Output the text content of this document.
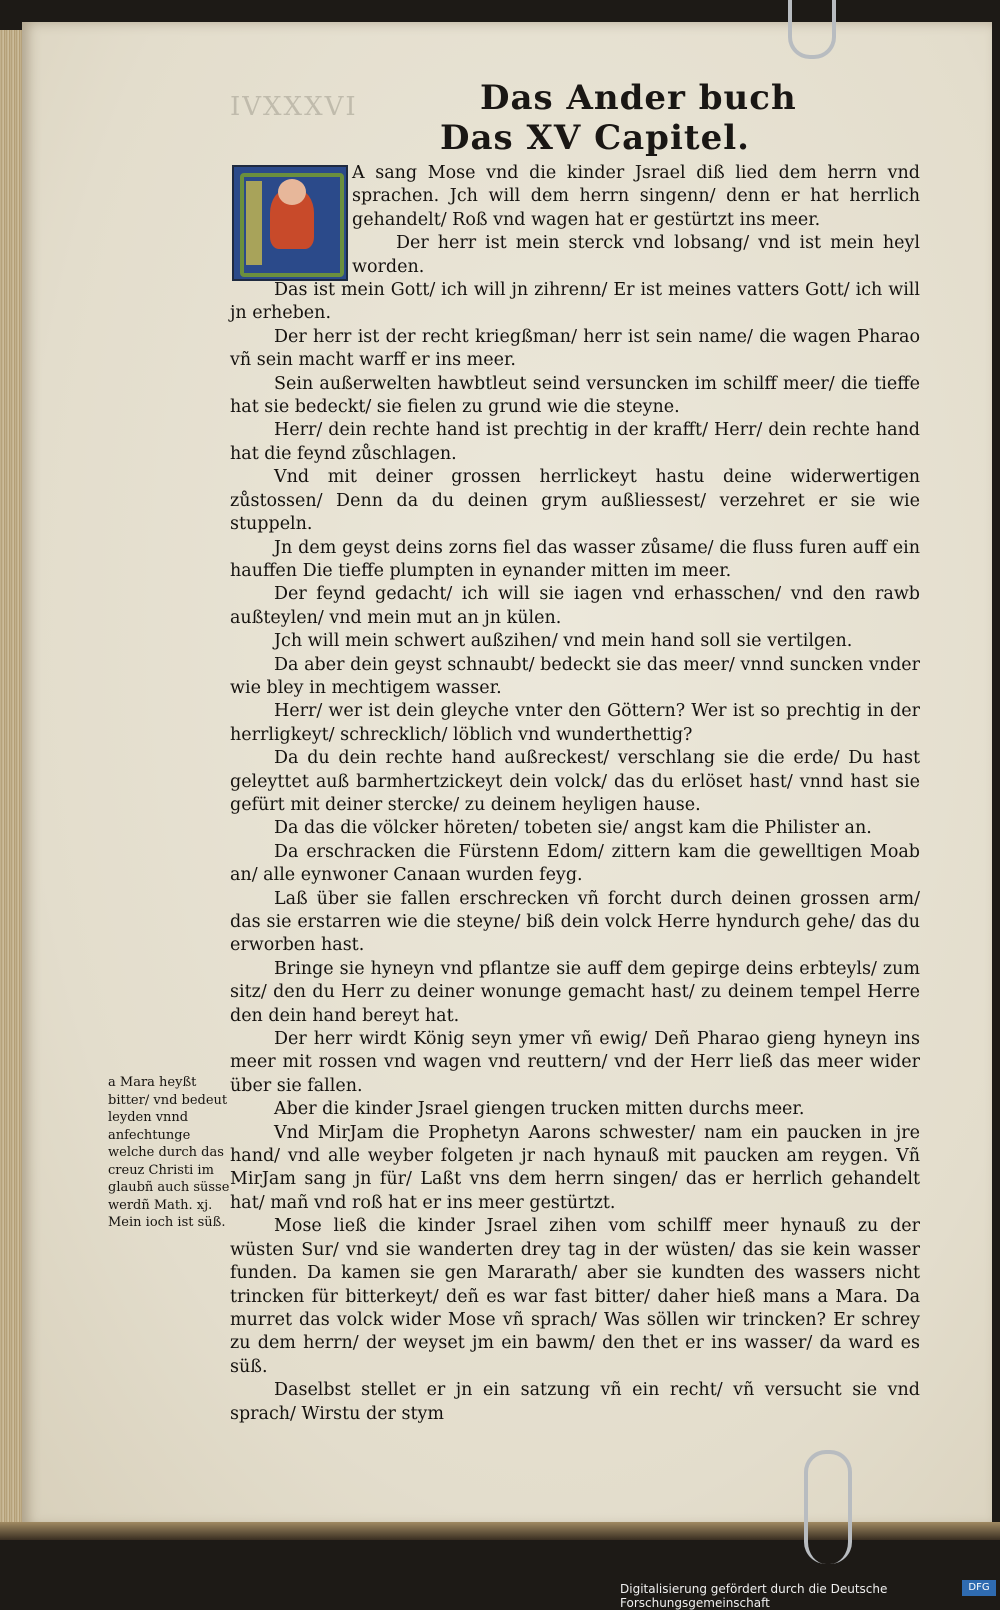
IVXXXVI	Das Ander buch
Das XV Capitel.

A sang Mose vnd die kinder Jsrael diß lied dem herrn vnd sprachen. Jch will dem herrn singenn/ denn er hat herrlich gehandelt/ Roß vnd wagen hat er gestürtzt ins meer.

Der herr ist mein sterck vnd lobsang/ vnd ist mein heyl worden.

Das ist mein Gott/ ich will jn zihrenn/ Er ist meines vatters Gott/ ich will jn erheben.

Der herr ist der recht kriegßman/ herr ist sein name/ die wagen Pharao vñ sein macht warff er ins meer.

Sein außerwelten hawbtleut seind versuncken im schilff meer/ die tieffe hat sie bedeckt/ sie fielen zu grund wie die steyne.

Herr/ dein rechte hand ist prechtig in der krafft/ Herr/ dein rechte hand hat die feynd zůschlagen.

Vnd mit deiner grossen herrlickeyt hastu deine widerwertigen zůstossen/ Denn da du deinen grym außliessest/ verzehret er sie wie stuppeln.

Jn dem geyst deins zorns fiel das wasser zůsame/ die fluss furen auff ein hauffen Die tieffe plumpten in eynander mitten im meer.

Der feynd gedacht/ ich will sie iagen vnd erhasschen/ vnd den rawb außteylen/ vnd mein mut an jn külen.

Jch will mein schwert außzihen/ vnd mein hand soll sie vertilgen.

Da aber dein geyst schnaubt/ bedeckt sie das meer/ vnnd suncken vnder wie bley in mechtigem wasser.

Herr/ wer ist dein gleyche vnter den Göttern? Wer ist so prechtig in der herrligkeyt/ schrecklich/ löblich vnd wunderthettig?

Da du dein rechte hand außreckest/ verschlang sie die erde/ Du hast geleyttet auß barmhertzickeyt dein volck/ das du erlöset hast/ vnnd hast sie gefürt mit deiner stercke/ zu deinem heyligen hause.

Da das die völcker höreten/ tobeten sie/ angst kam die Philister an.

Da erschracken die Fürstenn Edom/ zittern kam die gewelltigen Moab an/ alle eynwoner Canaan wurden feyg.

Laß über sie fallen erschrecken vñ forcht durch deinen grossen arm/ das sie erstarren wie die steyne/ biß dein volck Herre hyndurch gehe/ das du erworben hast.

Bringe sie hyneyn vnd pflantze sie auff dem gepirge deins erbteyls/ zum sitz/ den du Herr zu deiner wonunge gemacht hast/ zu deinem tempel Herre den dein hand bereyt hat.

Der herr wirdt König seyn ymer vñ ewig/ Deñ Pharao gieng hyneyn ins meer mit rossen vnd wagen vnd reuttern/ vnd der Herr ließ das meer wider über sie fallen.

Aber die kinder Jsrael giengen trucken mitten durchs meer.

Vnd MirJam die Prophetyn Aarons schwester/ nam ein paucken in jre hand/ vnd alle weyber folgeten jr nach hynauß mit paucken am reygen. Vñ MirJam sang jn für/ Laßt vns dem herrn singen/ das er herrlich gehandelt hat/ mañ vnd roß hat er ins meer gestürtzt.

Mose ließ die kinder Jsrael zihen vom schilff meer hynauß zu der wüsten Sur/ vnd sie wanderten drey tag in der wüsten/ das sie kein wasser funden. Da kamen sie gen Mararath/ aber sie kundten des wassers nicht trincken für bitterkeyt/ deñ es war fast bitter/ daher hieß mans a Mara. Da murret das volck wider Mose vñ sprach/ Was söllen wir trincken? Er schrey zu dem herrn/ der weyset jm ein bawm/ den thet er ins wasser/ da ward es süß.

Daselbst stellet er jn ein satzung vñ ein recht/ vñ versucht sie vnd sprach/ Wirstu der stym

a Mara heyßt bitter/ vnd bedeut leyden vnnd anfechtunge welche durch das creuz Christi im glaubñ auch süsse werdñ Math. xj. Mein ioch ist süß.
Digitalisierung gefördert durch die Deutsche Forschungsgemeinschaft
DFG
